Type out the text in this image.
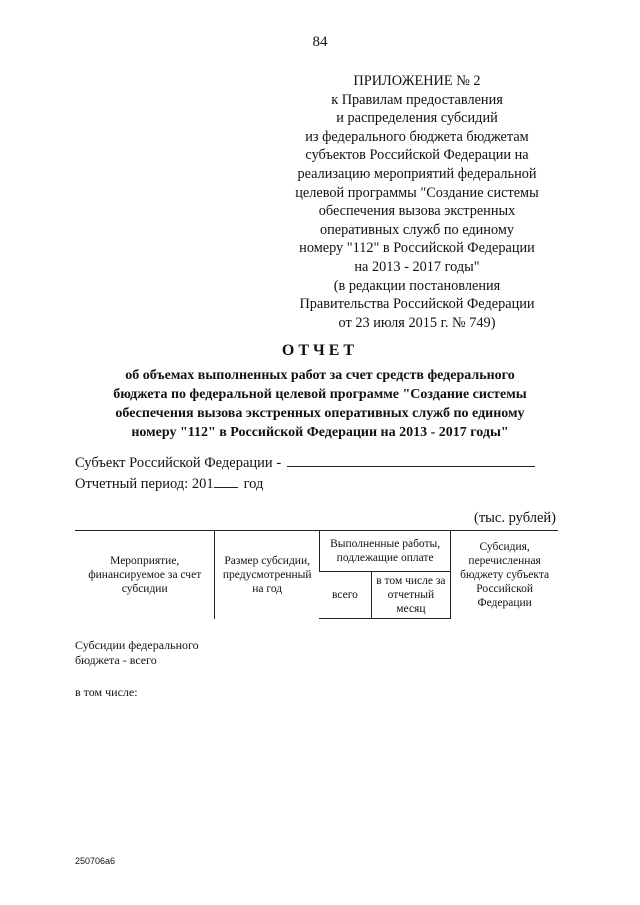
84
ПРИЛОЖЕНИЕ № 2
к Правилам предоставления
и распределения субсидий
из федерального бюджета бюджетам
субъектов Российской Федерации на
реализацию мероприятий федеральной
целевой программы "Создание системы
обеспечения вызова экстренных
оперативных служб по единому
номеру "112" в Российской Федерации
на 2013 - 2017 годы"
(в редакции постановления
Правительства Российской Федерации
от 23 июля 2015 г. № 749)
ОТЧЕТ
об объемах выполненных работ за счет средств федерального
бюджета по федеральной целевой программе "Создание системы
обеспечения вызова экстренных оперативных служб по единому
номеру "112" в Российской Федерации на 2013 - 2017 годы"
Субъект Российской Федерации -
Отчетный период: 201 год
(тыс. рублей)
Мероприятие, финансируемое за счет субсидии	Размер субсидии, предусмотренный на год	Выполненные работы, подлежащие оплате		Субсидия, перечисленная бюджету субъекта Российской Федерации
		всего	в том числе за отчетный месяц	
Субсидии федерального
бюджета - всего
в том числе:
250706а6
